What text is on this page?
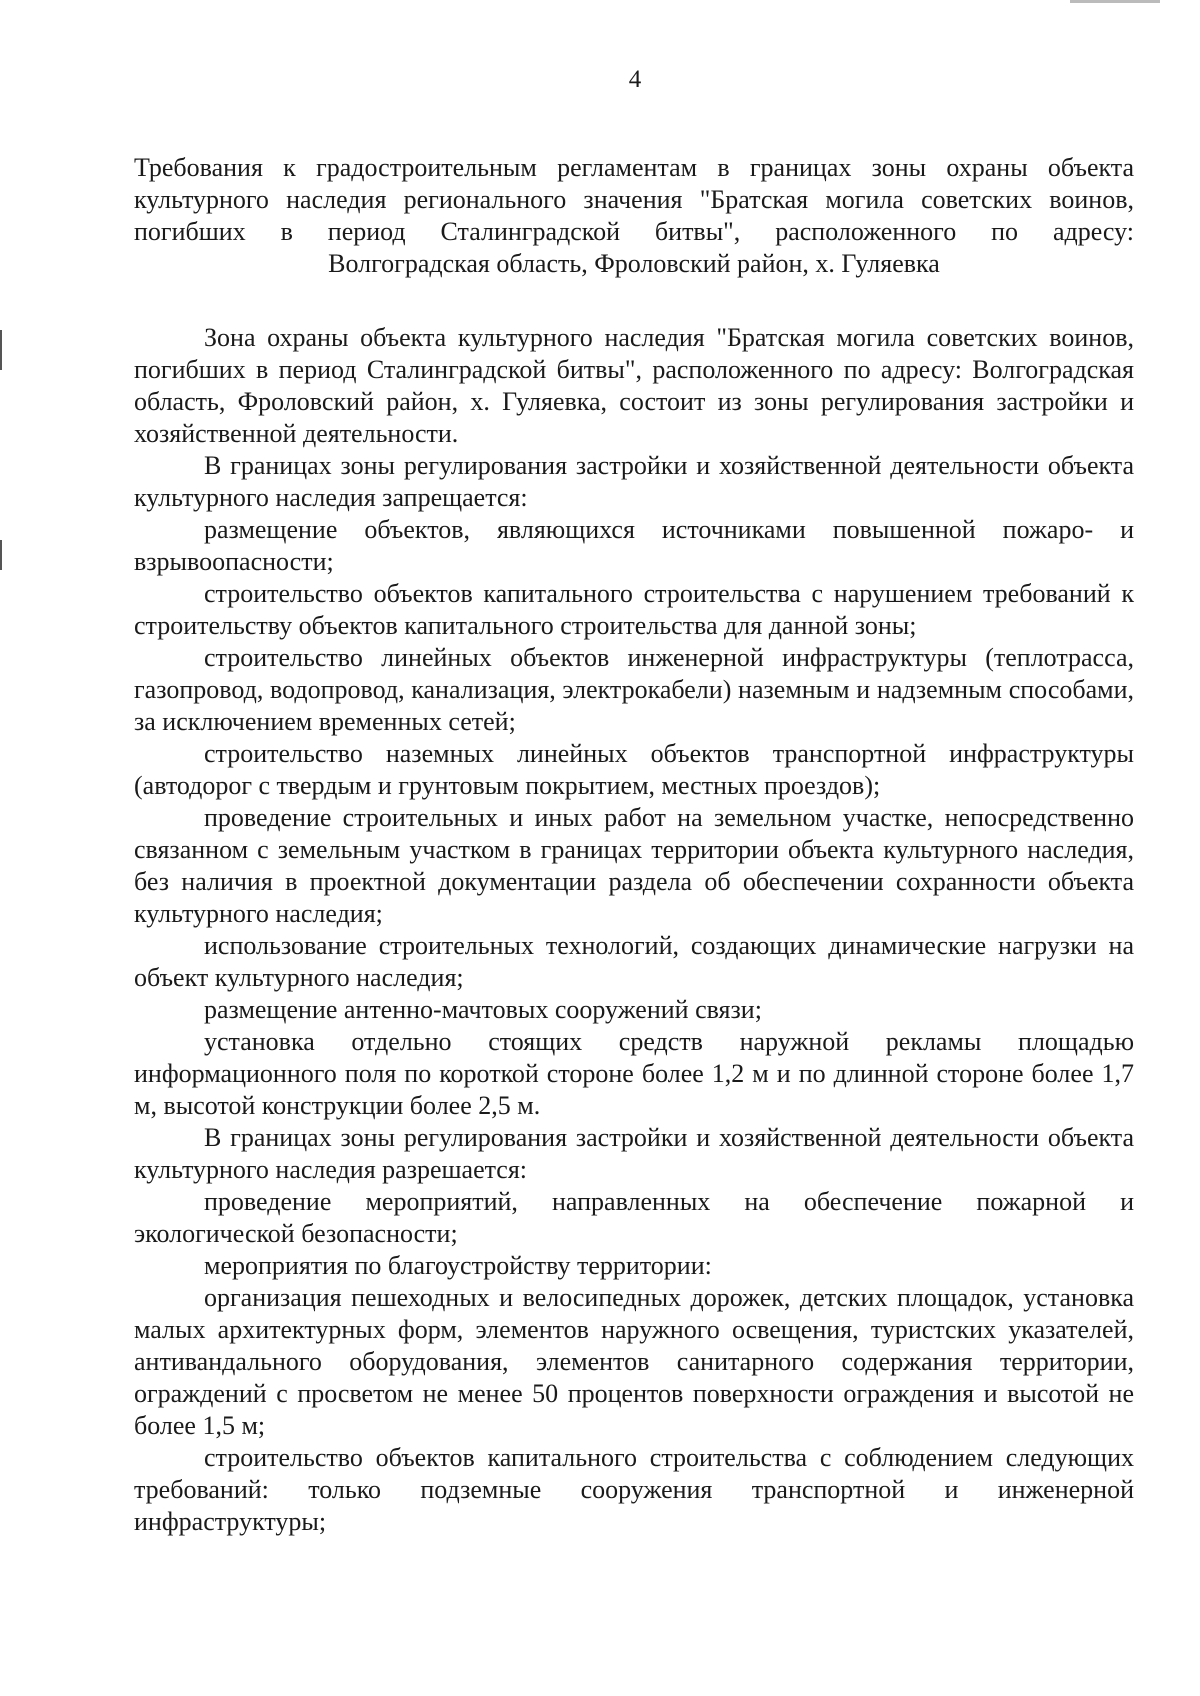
4
Требования к градостроительным регламентам в границах зоны охраны объекта
культурного наследия регионального значения "Братская могила советских воинов,
погибших в период Сталинградской битвы", расположенного по адресу:
Волгоградская область, Фроловский район, х. Гуляевка

Зона охраны объекта культурного наследия "Братская могила советских воинов, погибших в период Сталинградской битвы", расположенного по адресу: Волгоградская область, Фроловский район, х. Гуляевка, состоит из зоны регулирования застройки и хозяйственной деятельности.

В границах зоны регулирования застройки и хозяйственной деятельности объекта культурного наследия запрещается:

размещение объектов, являющихся источниками повышенной пожаро- и взрывоопасности;

строительство объектов капитального строительства с нарушением требований к строительству объектов капитального строительства для данной зоны;

строительство линейных объектов инженерной инфраструктуры (теплотрасса, газопровод, водопровод, канализация, электрокабели) наземным и надземным способами, за исключением временных сетей;

строительство наземных линейных объектов транспортной инфраструктуры (автодорог с твердым и грунтовым покрытием, местных проездов);

проведение строительных и иных работ на земельном участке, непосредственно связанном с земельным участком в границах территории объекта культурного наследия, без наличия в проектной документации раздела об обеспечении сохранности объекта культурного наследия;

использование строительных технологий, создающих динамические нагрузки на объект культурного наследия;

размещение антенно-мачтовых сооружений связи;

установка отдельно стоящих средств наружной рекламы площадью информационного поля по короткой стороне более 1,2 м и по длинной стороне более 1,7 м, высотой конструкции более 2,5 м.

В границах зоны регулирования застройки и хозяйственной деятельности объекта культурного наследия разрешается:

проведение мероприятий, направленных на обеспечение пожарной и экологической безопасности;

мероприятия по благоустройству территории:

организация пешеходных и велосипедных дорожек, детских площадок, установка малых архитектурных форм, элементов наружного освещения, туристских указателей, антивандального оборудования, элементов санитарного содержания территории, ограждений с просветом не менее 50 процентов поверхности ограждения и высотой не более 1,5 м;

строительство объектов капитального строительства с соблюдением следующих требований: только подземные сооружения транспортной и инженерной инфраструктуры;
